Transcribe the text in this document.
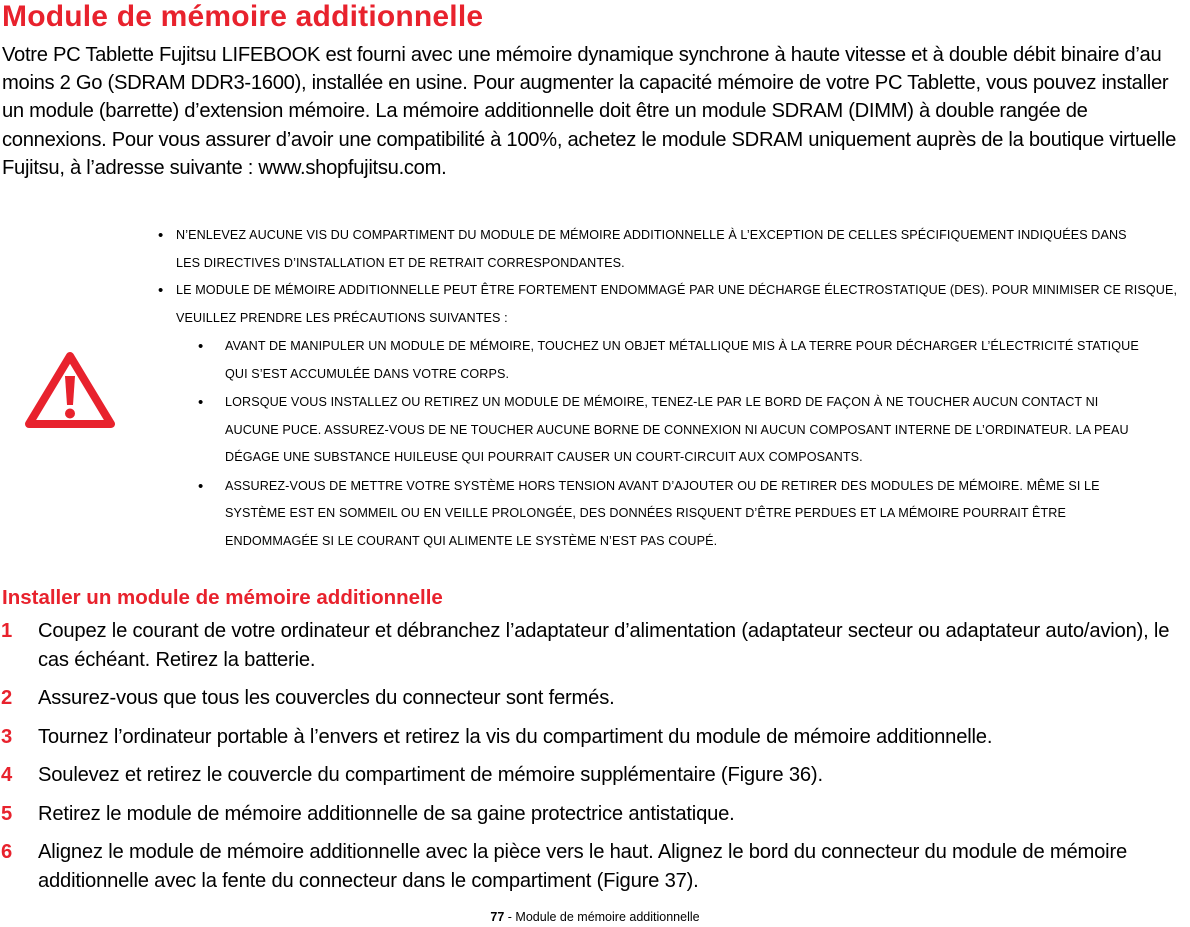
Module de mémoire additionnelle

Votre PC Tablette Fujitsu LIFEBOOK est fourni avec une mémoire dynamique synchrone à haute vitesse et à double débit binaire d’au moins 2 Go (SDRAM DDR3-1600), installée en usine. Pour augmenter la capacité mémoire de votre PC Tablette, vous pouvez installer un module (barrette) d’extension mémoire. La mémoire additionnelle doit être un module SDRAM (DIMM) à double rangée de connexions. Pour vous assurer d’avoir une compatibilité à 100%, achetez le module SDRAM uniquement auprès de la boutique virtuelle Fujitsu, à l’adresse suivante : www.shopfujitsu.com.

• N’ENLEVEZ AUCUNE VIS DU COMPARTIMENT DU MODULE DE MÉMOIRE ADDITIONNELLE À L’EXCEPTION DE CELLES SPÉCIFIQUEMENT INDIQUÉES DANS LES DIRECTIVES D’INSTALLATION ET DE RETRAIT CORRESPONDANTES.
• LE MODULE DE MÉMOIRE ADDITIONNELLE PEUT ÊTRE FORTEMENT ENDOMMAGÉ PAR UNE DÉCHARGE ÉLECTROSTATIQUE (DES). POUR MINIMISER CE RISQUE, VEUILLEZ PRENDRE LES PRÉCAUTIONS SUIVANTES :
• AVANT DE MANIPULER UN MODULE DE MÉMOIRE, TOUCHEZ UN OBJET MÉTALLIQUE MIS À LA TERRE POUR DÉCHARGER L’ÉLECTRICITÉ STATIQUE QUI S’EST ACCUMULÉE DANS VOTRE CORPS.
• LORSQUE VOUS INSTALLEZ OU RETIREZ UN MODULE DE MÉMOIRE, TENEZ-LE PAR LE BORD DE FAÇON À NE TOUCHER AUCUN CONTACT NI AUCUNE PUCE. ASSUREZ-VOUS DE NE TOUCHER AUCUNE BORNE DE CONNEXION NI AUCUN COMPOSANT INTERNE DE L’ORDINATEUR. LA PEAU DÉGAGE UNE SUBSTANCE HUILEUSE QUI POURRAIT CAUSER UN COURT-CIRCUIT AUX COMPOSANTS.
• ASSUREZ-VOUS DE METTRE VOTRE SYSTÈME HORS TENSION AVANT D’AJOUTER OU DE RETIRER DES MODULES DE MÉMOIRE. MÊME SI LE SYSTÈME EST EN SOMMEIL OU EN VEILLE PROLONGÉE, DES DONNÉES RISQUENT D’ÊTRE PERDUES ET LA MÉMOIRE POURRAIT ÊTRE ENDOMMAGÉE SI LE COURANT QUI ALIMENTE LE SYSTÈME N’EST PAS COUPÉ.
Installer un module de mémoire additionnelle
1 Coupez le courant de votre ordinateur et débranchez l’adaptateur d’alimentation (adaptateur secteur ou adaptateur auto/avion), le cas échéant. Retirez la batterie.
2 Assurez-vous que tous les couvercles du connecteur sont fermés.
3 Tournez l’ordinateur portable à l’envers et retirez la vis du compartiment du module de mémoire additionnelle.
4 Soulevez et retirez le couvercle du compartiment de mémoire supplémentaire (Figure 36).
5 Retirez le module de mémoire additionnelle de sa gaine protectrice antistatique.
6 Alignez le module de mémoire additionnelle avec la pièce vers le haut. Alignez le bord du connecteur du module de mémoire additionnelle avec la fente du connecteur dans le compartiment (Figure 37).
77 - Module de mémoire additionnelle
